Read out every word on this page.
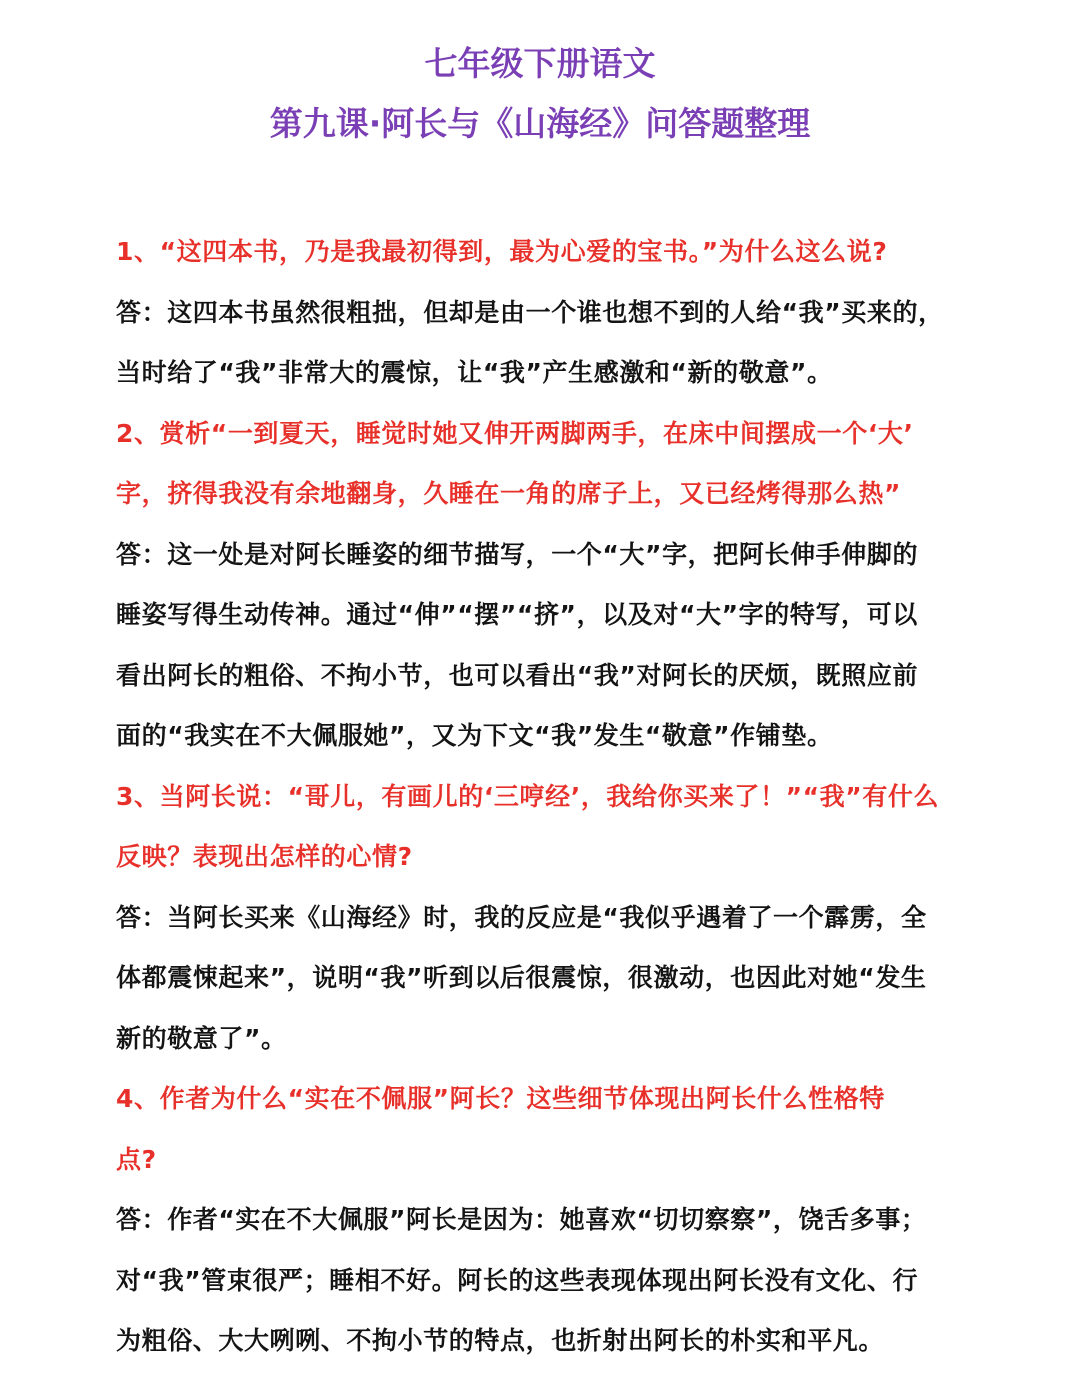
七年级下册语文
第九课·阿长与《山海经》问答题整理

1、“这四本书，乃是我最初得到，最为心爱的宝书。”为什么这么说?

答：这四本书虽然很粗拙，但却是由一个谁也想不到的人给“我”买来的，

当时给了“我”非常大的震惊，让“我”产生感激和“新的敬意”。

2、赏析“一到夏天，睡觉时她又伸开两脚两手，在床中间摆成一个‘大’

字，挤得我没有余地翻身，久睡在一角的席子上，又已经烤得那么热”

答：这一处是对阿长睡姿的细节描写，一个“大”字，把阿长伸手伸脚的

睡姿写得生动传神。通过“伸”“摆”“挤”，以及对“大”字的特写，可以

看出阿长的粗俗、不拘小节，也可以看出“我”对阿长的厌烦，既照应前

面的“我实在不大佩服她”，又为下文“我”发生“敬意”作铺垫。

3、当阿长说：“哥儿，有画儿的‘三哼经’，我给你买来了！”“我”有什么

反映？表现出怎样的心情?

答：当阿长买来《山海经》时，我的反应是“我似乎遇着了一个霹雳，全

体都震悚起来”，说明“我”听到以后很震惊，很激动，也因此对她“发生

新的敬意了”。

4、作者为什么“实在不佩服”阿长？这些细节体现出阿长什么性格特

点?

答：作者“实在不大佩服”阿长是因为：她喜欢“切切察察”，饶舌多事；

对“我”管束很严；睡相不好。阿长的这些表现体现出阿长没有文化、行

为粗俗、大大咧咧、不拘小节的特点，也折射出阿长的朴实和平凡。
